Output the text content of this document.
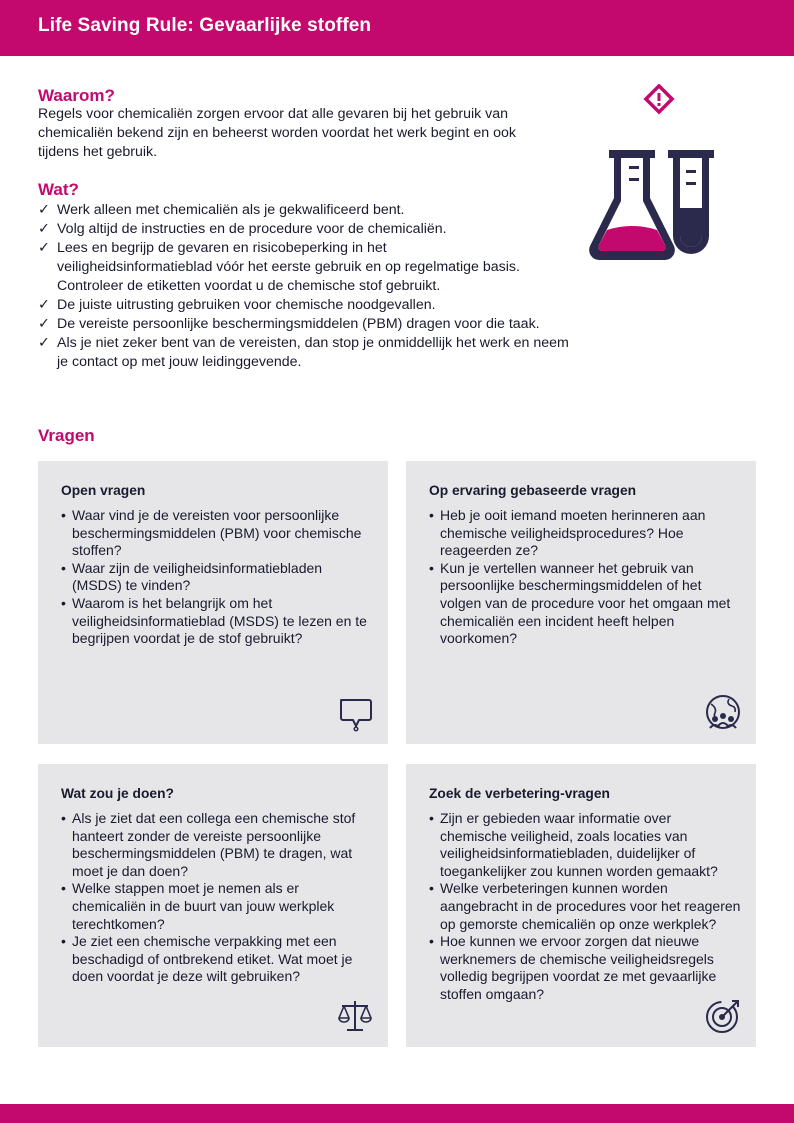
Life Saving Rule: Gevaarlijke stoffen
Waarom?

Regels voor chemicaliën zorgen ervoor dat alle gevaren bij het gebruik van chemicaliën bekend zijn en beheerst worden voordat het werk begint en ook tijdens het gebruik.

Wat?
✓ Werk alleen met chemicaliën als je gekwalificeerd bent.
✓ Volg altijd de instructies en de procedure voor de chemicaliën.
✓ Lees en begrijp de gevaren en risicobeperking in het veiligheidsinformatieblad vóór het eerste gebruik en op regelmatige basis. Controleer de etiketten voordat u de chemische stof gebruikt.
✓ De juiste uitrusting gebruiken voor chemische noodgevallen.
✓ De vereiste persoonlijke beschermingsmiddelen (PBM) dragen voor die taak.
✓ Als je niet zeker bent van de vereisten, dan stop je onmiddellijk het werk en neem je contact op met jouw leidinggevende.
Vragen
Open vragen
• Waar vind je de vereisten voor persoonlijke beschermingsmiddelen (PBM) voor chemische stoffen?
• Waar zijn de veiligheidsinformatiebladen (MSDS) te vinden?
• Waarom is het belangrijk om het veiligheidsinformatieblad (MSDS) te lezen en te begrijpen voordat je de stof gebruikt?
Op ervaring gebaseerde vragen
• Heb je ooit iemand moeten herinneren aan chemische veiligheidsprocedures? Hoe reageerden ze?
• Kun je vertellen wanneer het gebruik van persoonlijke beschermingsmiddelen of het volgen van de procedure voor het omgaan met chemicaliën een incident heeft helpen voorkomen?
Wat zou je doen?
• Als je ziet dat een collega een chemische stof hanteert zonder de vereiste persoonlijke beschermingsmiddelen (PBM) te dragen, wat moet je dan doen?
• Welke stappen moet je nemen als er chemicaliën in de buurt van jouw werkplek terechtkomen?
• Je ziet een chemische verpakking met een beschadigd of ontbrekend etiket. Wat moet je doen voordat je deze wilt gebruiken?
Zoek de verbetering-vragen
• Zijn er gebieden waar informatie over chemische veiligheid, zoals locaties van veiligheidsinformatiebladen, duidelijker of toegankelijker zou kunnen worden gemaakt?
• Welke verbeteringen kunnen worden aangebracht in de procedures voor het reageren op gemorste chemicaliën op onze werkplek?
• Hoe kunnen we ervoor zorgen dat nieuwe werknemers de chemische veiligheidsregels volledig begrijpen voordat ze met gevaarlijke stoffen omgaan?
